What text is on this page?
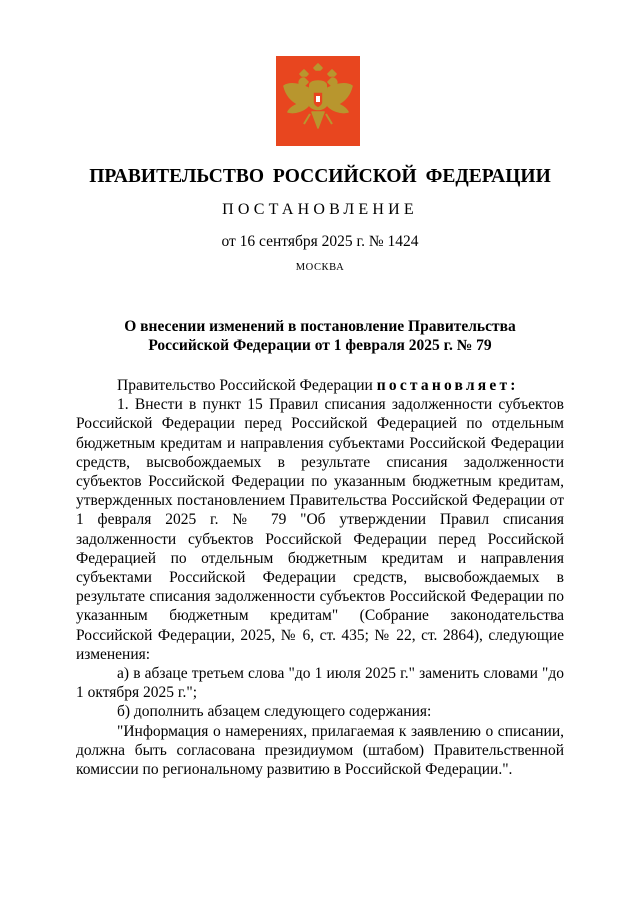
ПРАВИТЕЛЬСТВО РОССИЙСКОЙ ФЕДЕРАЦИИ
ПОСТАНОВЛЕНИЕ
от 16 сентября 2025 г. № 1424
МОСКВА
О внесении изменений в постановление Правительства
Российской Федерации от 1 февраля 2025 г. № 79

Правительство Российской Федерации постановляет:

1. Внести в пункт 15 Правил списания задолженности субъектов Российской Федерации перед Российской Федерацией по отдельным бюджетным кредитам и направления субъектами Российской Федерации средств, высвобождаемых в результате списания задолженности субъектов Российской Федерации по указанным бюджетным кредитам, утвержденных постановлением Правительства Российской Федерации от 1 февраля 2025 г. № 79 "Об утверждении Правил списания задолженности субъектов Российской Федерации перед Российской Федерацией по отдельным бюджетным кредитам и направления субъектами Российской Федерации средств, высвобождаемых в результате списания задолженности субъектов Российской Федерации по указанным бюджетным кредитам" (Собрание законодательства Российской Федерации, 2025, № 6, ст. 435; № 22, ст. 2864), следующие изменения:

а) в абзаце третьем слова "до 1 июля 2025 г." заменить словами "до 1 октября 2025 г.";

б) дополнить абзацем следующего содержания:

"Информация о намерениях, прилагаемая к заявлению о списании, должна быть согласована президиумом (штабом) Правительственной комиссии по региональному развитию в Российской Федерации.".
